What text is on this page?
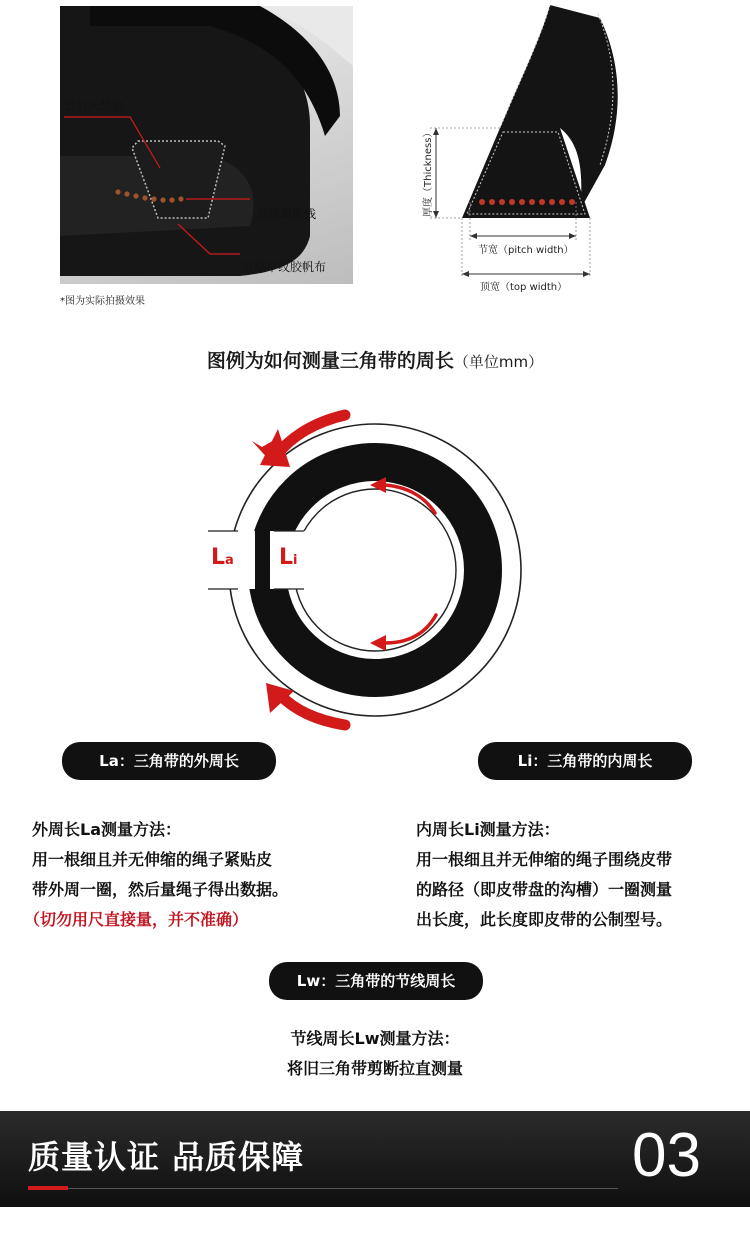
进口天然胶
高强聚酯线
双层平纹胶帆布
*图为实际拍摄效果
厚度（Thickness）
节宽（pitch width）
顶宽（top width）
图例为如何测量三角带的周长（单位mm）
La Li
La：三角带的外周长	Li：三角带的内周长
外周长La测量方法：
用一根细且并无伸缩的绳子紧贴皮
带外周一圈，然后量绳子得出数据。
（切勿用尺直接量，并不准确）
内周长Li测量方法：
用一根细且并无伸缩的绳子围绕皮带
的路径（即皮带盘的沟槽）一圈测量
出长度，此长度即皮带的公制型号。
Lw：三角带的节线周长
节线周长Lw测量方法：
将旧三角带剪断拉直测量
质量认证 品质保障	03
